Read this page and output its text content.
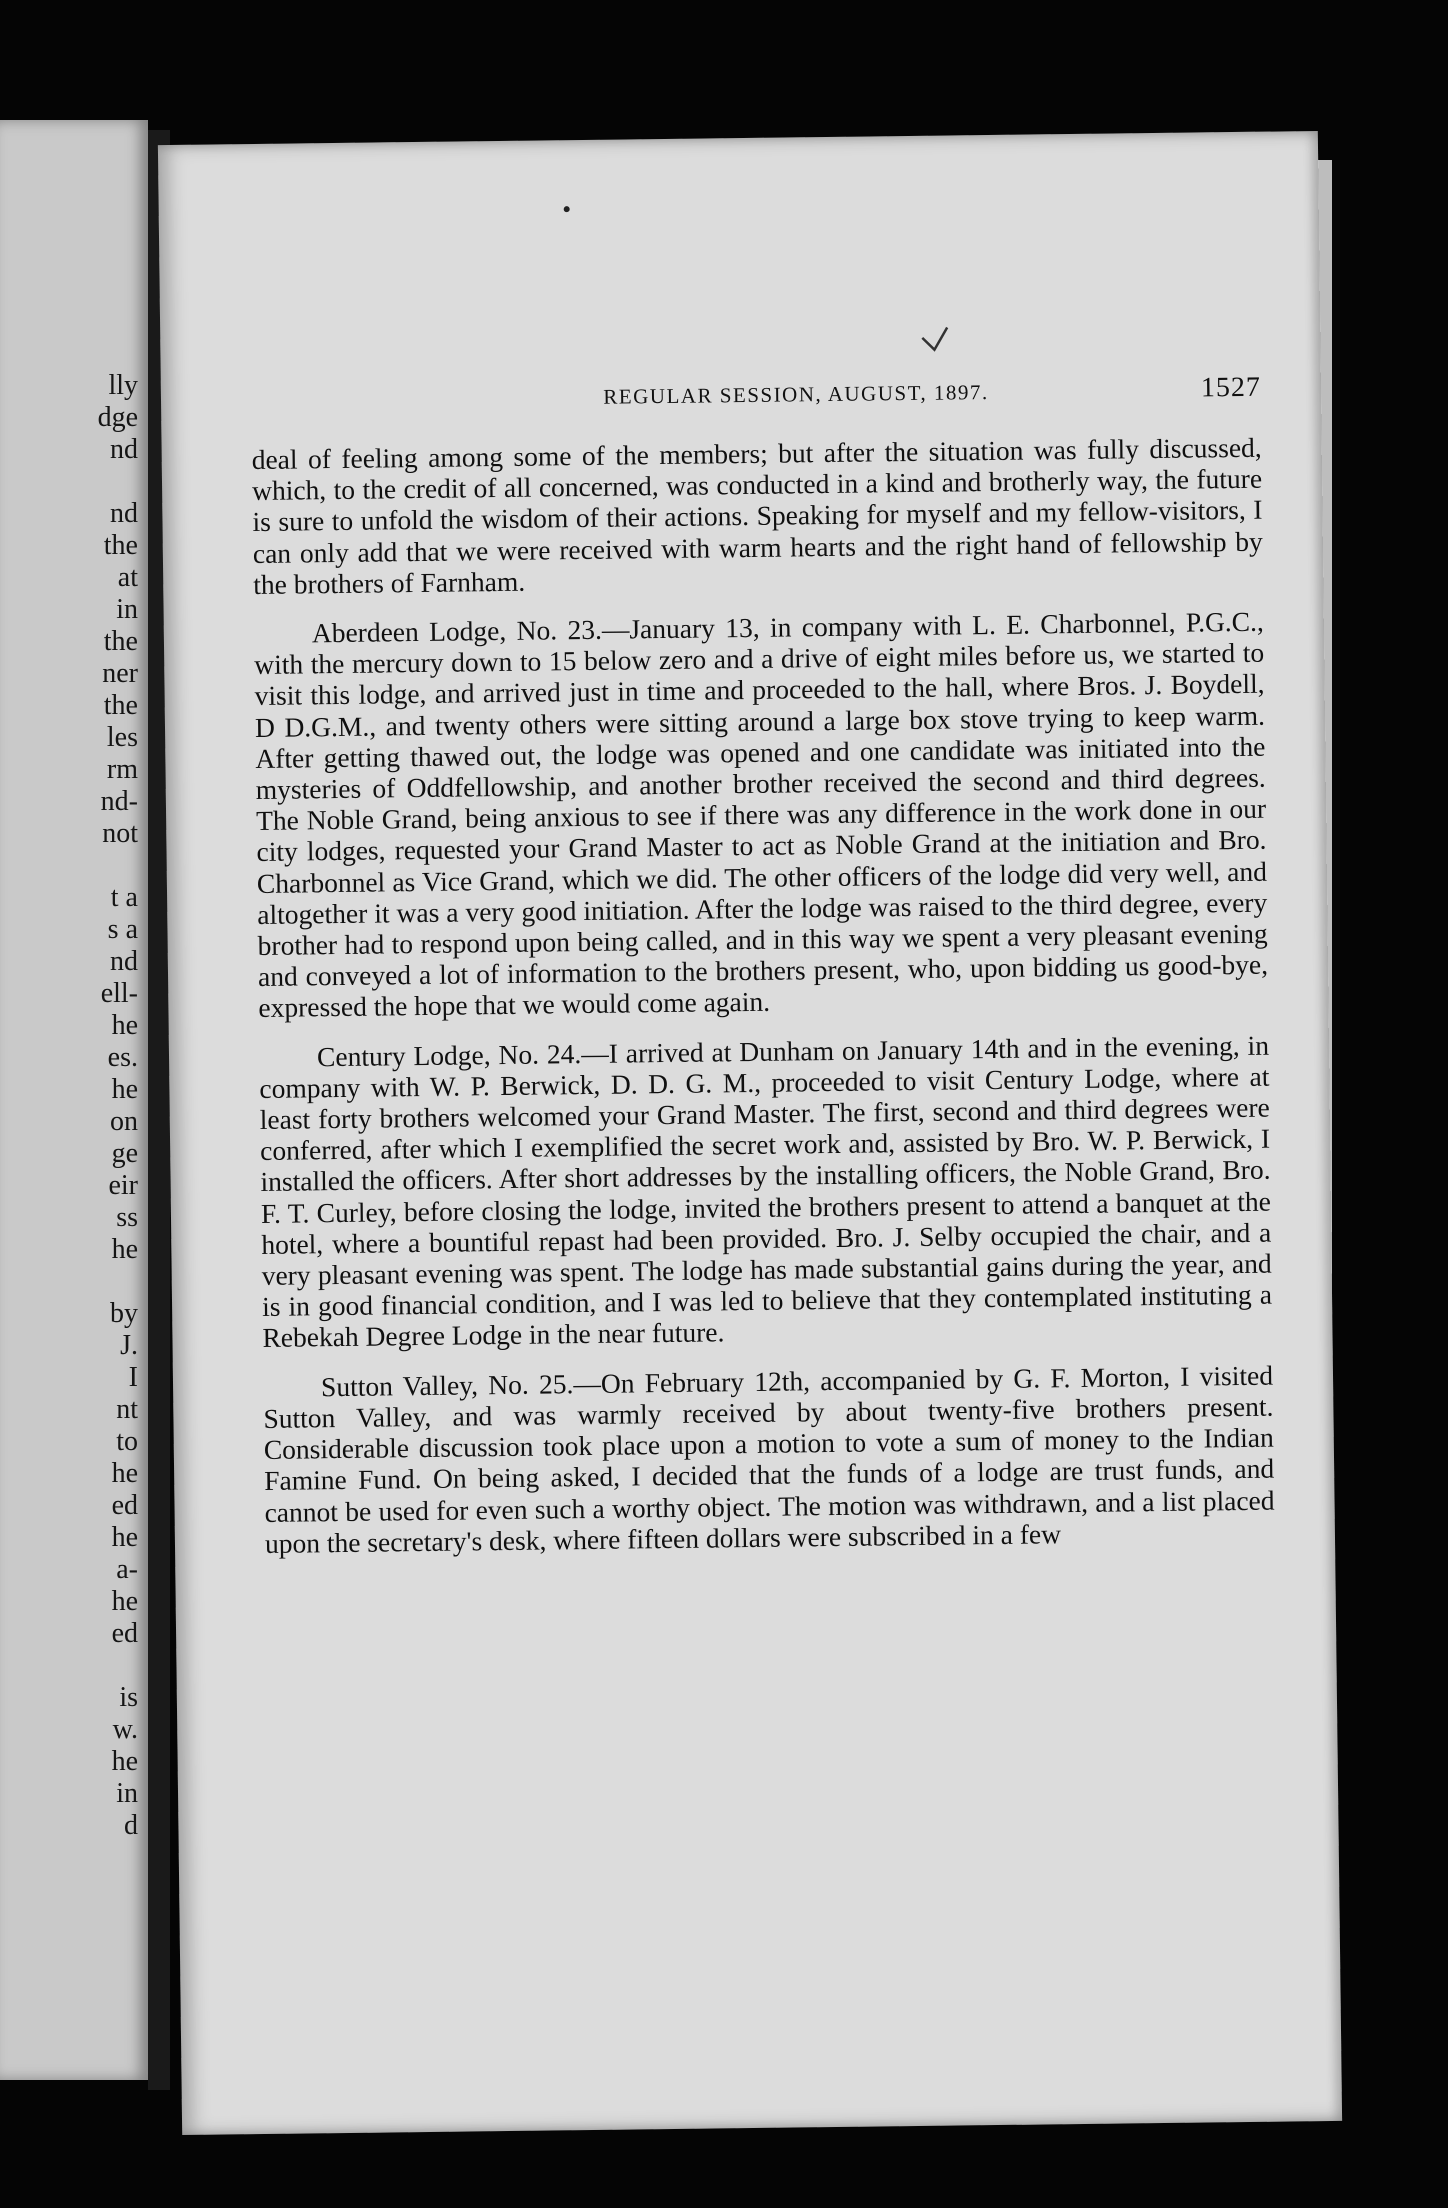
lly
dge
nd

nd
the
at
in
the
ner
the
les
rm
nd-
not

t a
s a
nd
ell-
he
es.
he
on
ge
eir
ss
he

by
J.
I
nt
to
he
ed
he
a-
he
ed

is
w.
he
in
d
REGULAR SESSION, AUGUST, 1897.	1527

deal of feeling among some of the members; but after the situation was fully discussed, which, to the credit of all concerned, was conducted in a kind and brotherly way, the future is sure to unfold the wisdom of their actions. Speaking for myself and my fellow-visitors, I can only add that we were received with warm hearts and the right hand of fellowship by the brothers of Farnham.

Aberdeen Lodge, No. 23.—January 13, in company with L. E. Charbonnel, P.G.C., with the mercury down to 15 below zero and a drive of eight miles before us, we started to visit this lodge, and arrived just in time and proceeded to the hall, where Bros. J. Boydell, D D.G.M., and twenty others were sitting around a large box stove trying to keep warm. After getting thawed out, the lodge was opened and one candidate was initiated into the mysteries of Oddfellowship, and another brother received the second and third degrees. The Noble Grand, being anxious to see if there was any difference in the work done in our city lodges, requested your Grand Master to act as Noble Grand at the initiation and Bro. Charbonnel as Vice Grand, which we did. The other officers of the lodge did very well, and altogether it was a very good initiation. After the lodge was raised to the third degree, every brother had to respond upon being called, and in this way we spent a very pleasant evening and conveyed a lot of information to the brothers present, who, upon bidding us good-bye, expressed the hope that we would come again.

Century Lodge, No. 24.—I arrived at Dunham on January 14th and in the evening, in company with W. P. Berwick, D. D. G. M., proceeded to visit Century Lodge, where at least forty brothers welcomed your Grand Master. The first, second and third degrees were conferred, after which I exemplified the secret work and, assisted by Bro. W. P. Berwick, I installed the officers. After short addresses by the installing officers, the Noble Grand, Bro. F. T. Curley, before closing the lodge, invited the brothers present to attend a banquet at the hotel, where a bountiful repast had been provided. Bro. J. Selby occupied the chair, and a very pleasant evening was spent. The lodge has made substantial gains during the year, and is in good financial condition, and I was led to believe that they contemplated instituting a Rebekah Degree Lodge in the near future.

Sutton Valley, No. 25.—On February 12th, accompanied by G. F. Morton, I visited Sutton Valley, and was warmly received by about twenty-five brothers present. Considerable discussion took place upon a motion to vote a sum of money to the Indian Famine Fund. On being asked, I decided that the funds of a lodge are trust funds, and cannot be used for even such a worthy object. The motion was withdrawn, and a list placed upon the secretary's desk, where fifteen dollars were subscribed in a few
